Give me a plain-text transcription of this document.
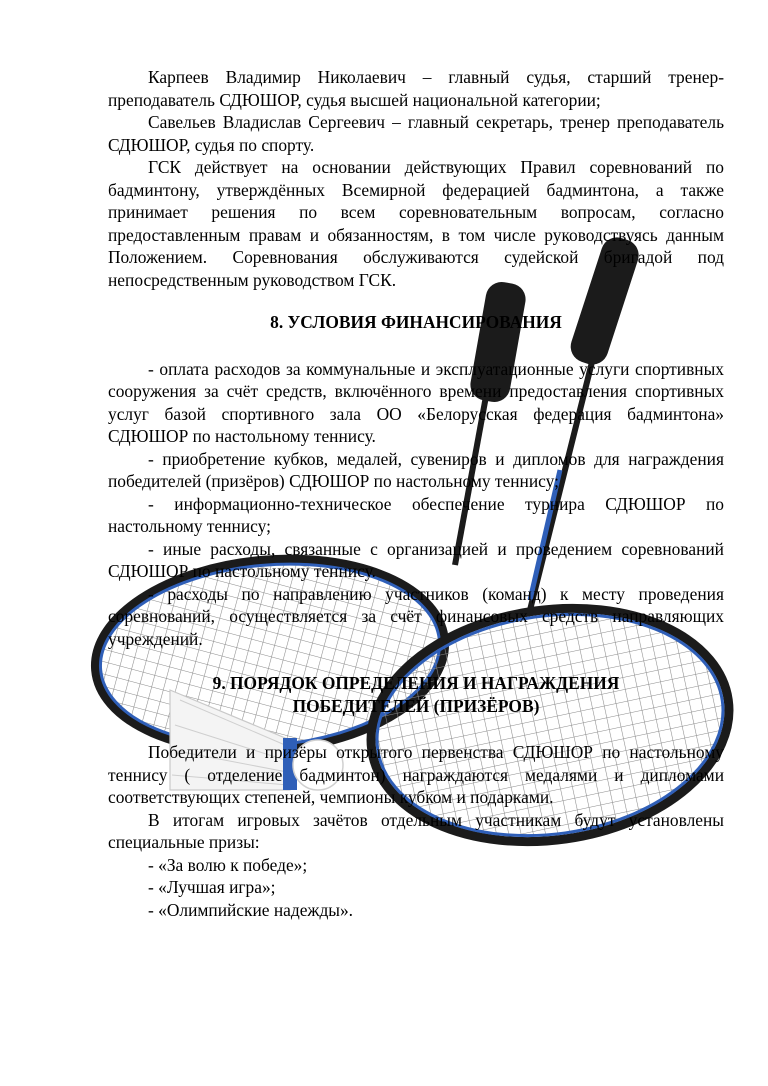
Карпеев Владимир Николаевич – главный судья, старший тренер-преподаватель СДЮШОР, судья высшей национальной категории;

Савельев Владислав Сергеевич – главный секретарь, тренер преподаватель СДЮШОР, судья по спорту.

ГСК действует на основании действующих Правил соревнований по бадминтону, утверждённых Всемирной федерацией бадминтона, а также принимает решения по всем соревновательным вопросам, согласно предоставленным правам и обязанностям, в том числе руководствуясь данным Положением. Соревнования обслуживаются судейской бригадой под непосредственным руководством ГСК.

8. УСЛОВИЯ ФИНАНСИРОВАНИЯ

- оплата расходов за коммунальные и эксплуатационные услуги спортивных сооружения за счёт средств, включённого времени предоставления спортивных услуг базой спортивного зала ОО «Белорусская федерация бадминтона» СДЮШОР по настольному теннису.

- приобретение кубков, медалей, сувениров и дипломов для награждения победителей (призёров) СДЮШОР по настольному теннису;

- информационно-техническое обеспечение турнира СДЮШОР по настольному теннису;

- иные расходы, связанные с организацией и проведением соревнований СДЮШОР по настольному теннису.

- расходы по направлению участников (команд) к месту проведения соревнований, осуществляется за счёт финансовых средств направляющих учреждений.

9. ПОРЯДОК ОПРЕДЕЛЕНИЯ И НАГРАЖДЕНИЯ
ПОБЕДИТЕЛЕЙ (ПРИЗЁРОВ)

Победители и призёры открытого первенства СДЮШОР по настольному теннису ( отделение бадминтон) награждаются медалями и дипломами соответствующих степеней, чемпионы кубком и подарками.

В итогам игровых зачётов отдельным участникам будут установлены специальные призы:

- «За волю к победе»;

- «Лучшая игра»;

- «Олимпийские надежды».
